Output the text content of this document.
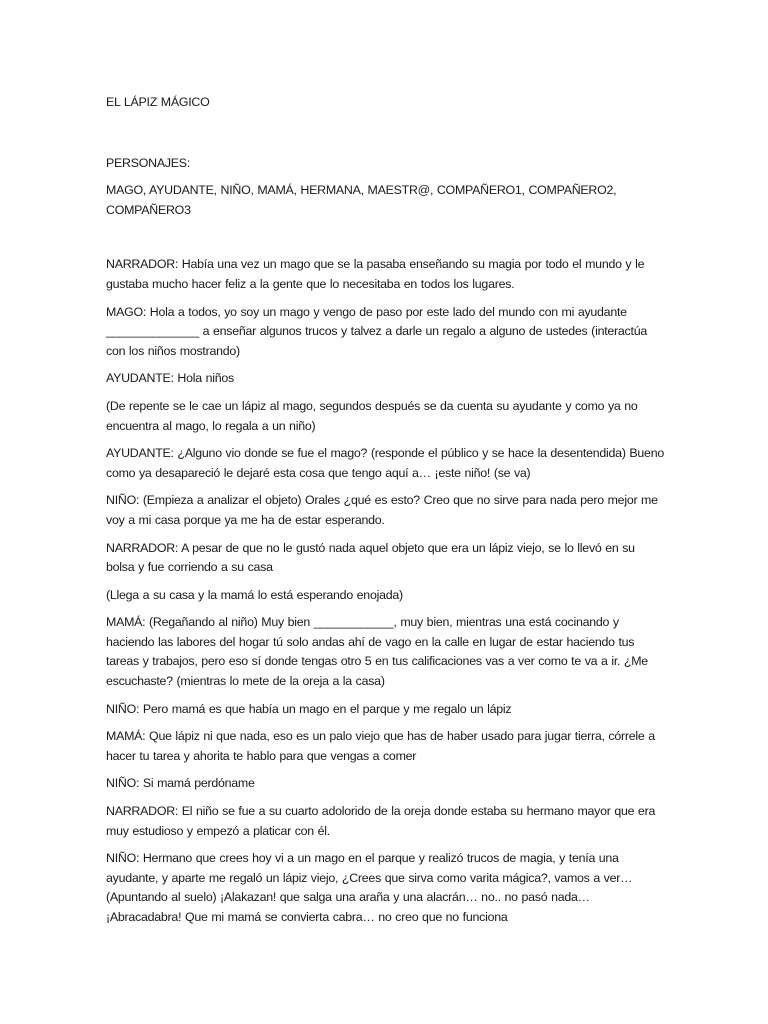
EL LÁPIZ MÁGICO
PERSONAJES:
MAGO, AYUDANTE, NIÑO, MAMÁ, HERMANA, MAESTR@, COMPAÑERO1, COMPAÑERO2, COMPAÑERO3
NARRADOR: Había una vez un mago que se la pasaba enseñando su magia por todo el mundo y le gustaba mucho hacer feliz a la gente que lo necesitaba en todos los lugares.
MAGO: Hola a todos, yo soy un mago y vengo de paso por este lado del mundo con mi ayudante ______________ a enseñar algunos trucos y talvez a darle un regalo a alguno de ustedes (interactúa con los niños mostrando)
AYUDANTE: Hola niños
(De repente se le cae un lápiz al mago, segundos después se da cuenta su ayudante y como ya no encuentra al mago, lo regala a un niño)
AYUDANTE: ¿Alguno vio donde se fue el mago? (responde el público y se hace la desentendida) Bueno como ya desapareció le dejaré esta cosa que tengo aquí a… ¡este niño! (se va)
NIÑO: (Empieza a analizar el objeto) Orales ¿qué es esto? Creo que no sirve para nada pero mejor me voy a mi casa porque ya me ha de estar esperando.
NARRADOR: A pesar de que no le gustó nada aquel objeto que era un lápiz viejo, se lo llevó en su bolsa y fue corriendo a su casa
(Llega a su casa y la mamá lo está esperando enojada)
MAMÁ: (Regañando al niño) Muy bien ____________, muy bien, mientras una está cocinando y haciendo las labores del hogar tú solo andas ahí de vago en la calle en lugar de estar haciendo tus tareas y trabajos, pero eso sí donde tengas otro 5 en tus calificaciones vas a ver como te va a ir. ¿Me escuchaste? (mientras lo mete de la oreja a la casa)
NIÑO: Pero mamá es que había un mago en el parque y me regalo un lápiz
MAMÁ: Que lápiz ni que nada, eso es un palo viejo que has de haber usado para jugar tierra, córrele a hacer tu tarea y ahorita te hablo para que vengas a comer
NIÑO: Si mamá perdóname
NARRADOR: El niño se fue a su cuarto adolorido de la oreja donde estaba su hermano mayor que era muy estudioso y empezó a platicar con él.
NIÑO: Hermano que crees hoy vi a un mago en el parque y realizó trucos de magia, y tenía una ayudante, y aparte me regaló un lápiz viejo, ¿Crees que sirva como varita mágica?, vamos a ver… (Apuntando al suelo) ¡Alakazan! que salga una araña y una alacrán… no.. no pasó nada… ¡Abracadabra! Que mi mamá se convierta cabra… no creo que no funciona
